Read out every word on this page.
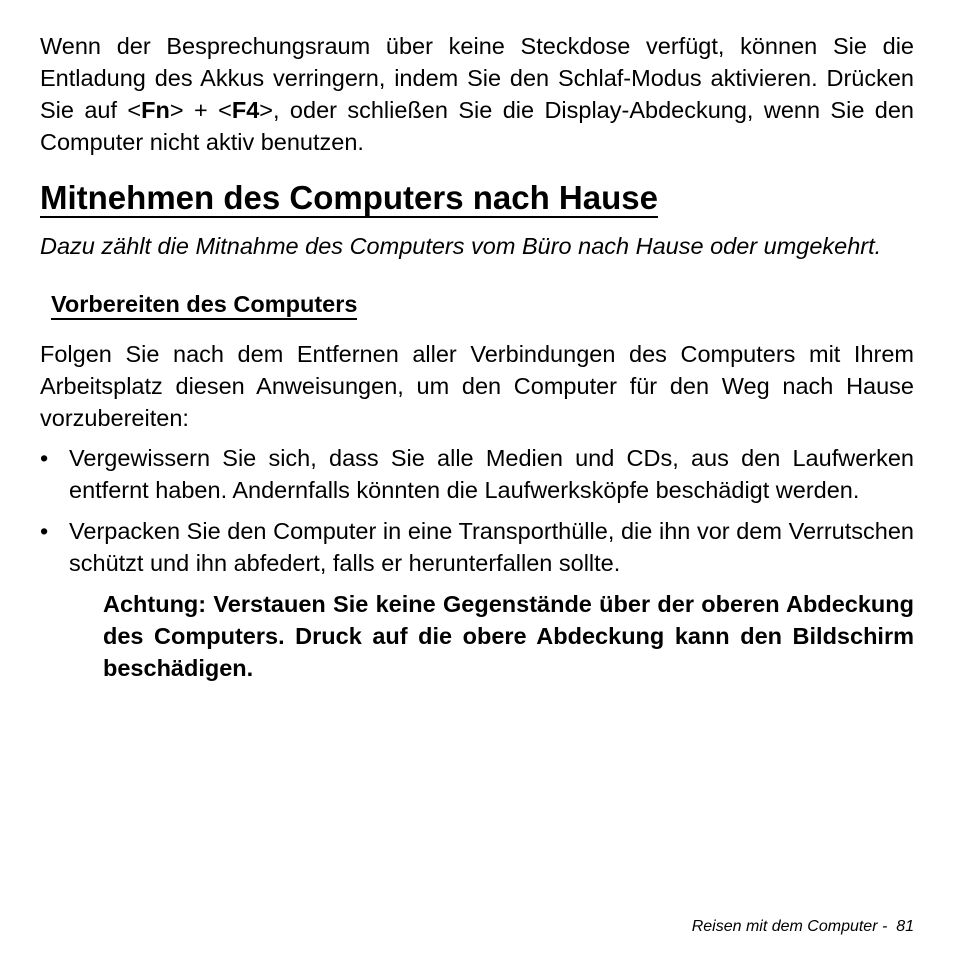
Wenn der Besprechungsraum über keine Steckdose verfügt, können Sie die Entladung des Akkus verringern, indem Sie den Schlaf-Modus aktivieren. Drücken Sie auf <Fn> + <F4>, oder schließen Sie die Display-Abdeckung, wenn Sie den Computer nicht aktiv benutzen.

Mitnehmen des Computers nach Hause

Dazu zählt die Mitnahme des Computers vom Büro nach Hause oder umgekehrt.

Vorbereiten des Computers

Folgen Sie nach dem Entfernen aller Verbindungen des Computers mit Ihrem Arbeitsplatz diesen Anweisungen, um den Computer für den Weg nach Hause vorzubereiten:

• Vergewissern Sie sich, dass Sie alle Medien und CDs, aus den Laufwerken entfernt haben. Andernfalls könnten die Laufwerksköpfe beschädigt werden.
• Verpacken Sie den Computer in eine Transporthülle, die ihn vor dem Verrutschen schützt und ihn abfedert, falls er herunterfallen sollte.

Achtung: Verstauen Sie keine Gegenstände über der oberen Abdeckung des Computers. Druck auf die obere Abdeckung kann den Bildschirm beschädigen.

Reisen mit dem Computer - 81
